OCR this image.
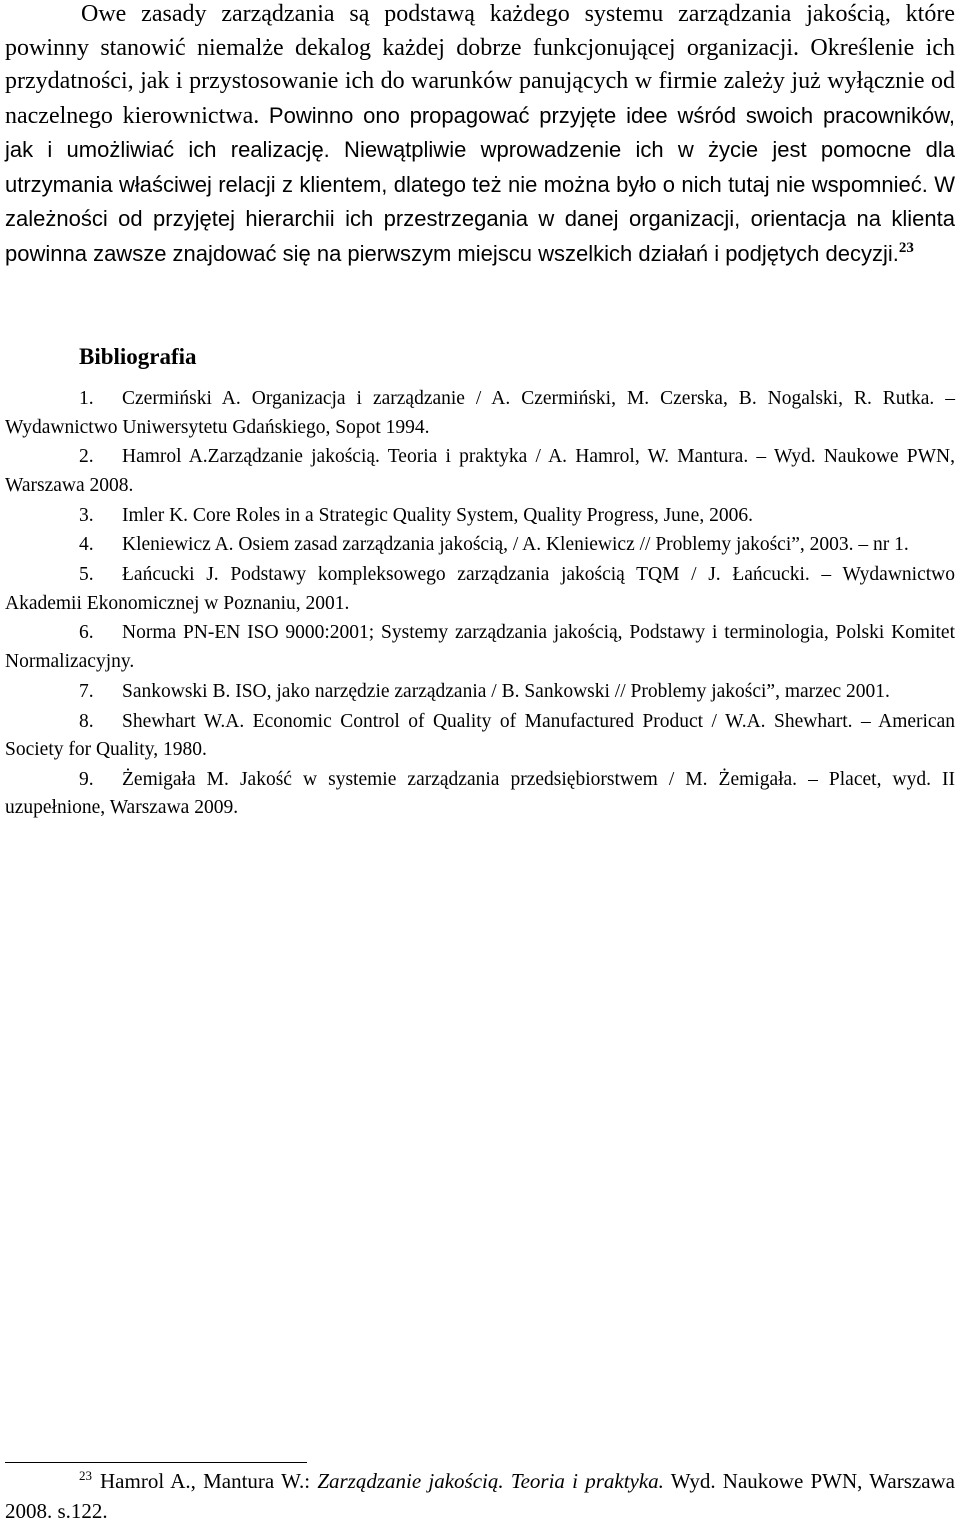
Owe zasady zarządzania są podstawą każdego systemu zarządzania jakością, które powinny stanowić niemalże dekalog każdej dobrze funkcjonującej organizacji. Określenie ich przydatności, jak i przystosowanie ich do warunków panujących w firmie zależy już wyłącznie od naczelnego kierownictwa. Powinno ono propagować przyjęte idee wśród swoich pracowników, jak i umożliwiać ich realizację. Niewątpliwie wprowadzenie ich w życie jest pomocne dla utrzymania właściwej relacji z klientem, dlatego też nie można było o nich tutaj nie wspomnieć. W zależności od przyjętej hierarchii ich przestrzegania w danej organizacji, orientacja na klienta powinna zawsze znajdować się na pierwszym miejscu wszelkich działań i podjętych decyzji.$^{23}$

Bibliografia
1. Czermiński A. Organizacja i zarządzanie / A. Czermiński, M. Czerska, B. Nogalski, R. Rutka. – Wydawnictwo Uniwersytetu Gdańskiego, Sopot 1994.
2. Hamrol A.Zarządzanie jakością. Teoria i praktyka / A. Hamrol, W. Mantura. – Wyd. Naukowe PWN, Warszawa 2008.
3. Imler K. Core Roles in a Strategic Quality System, Quality Progress, June, 2006.
4. Kleniewicz A. Osiem zasad zarządzania jakością, / A. Kleniewicz // Problemy jakości”, 2003. – nr 1.
5. Łańcucki J. Podstawy kompleksowego zarządzania jakością TQM / J. Łańcucki. – Wydawnictwo Akademii Ekonomicznej w Poznaniu, 2001.
6. Norma PN-EN ISO 9000:2001; Systemy zarządzania jakością, Podstawy i terminologia, Polski Komitet Normalizacyjny.
7. Sankowski B. ISO, jako narzędzie zarządzania / B. Sankowski // Problemy jakości”, marzec 2001.
8. Shewhart W.A. Economic Control of Quality of Manufactured Product / W.A. Shewhart. – American Society for Quality, 1980.
9. Żemigała M. Jakość w systemie zarządzania przedsiębiorstwem / M. Żemigała. – Placet, wyd. II uzupełnione, Warszawa 2009.

$^{23}$ Hamrol A., Mantura W.: Zarządzanie jakością. Teoria i praktyka. Wyd. Naukowe PWN, Warszawa 2008. s.122.
